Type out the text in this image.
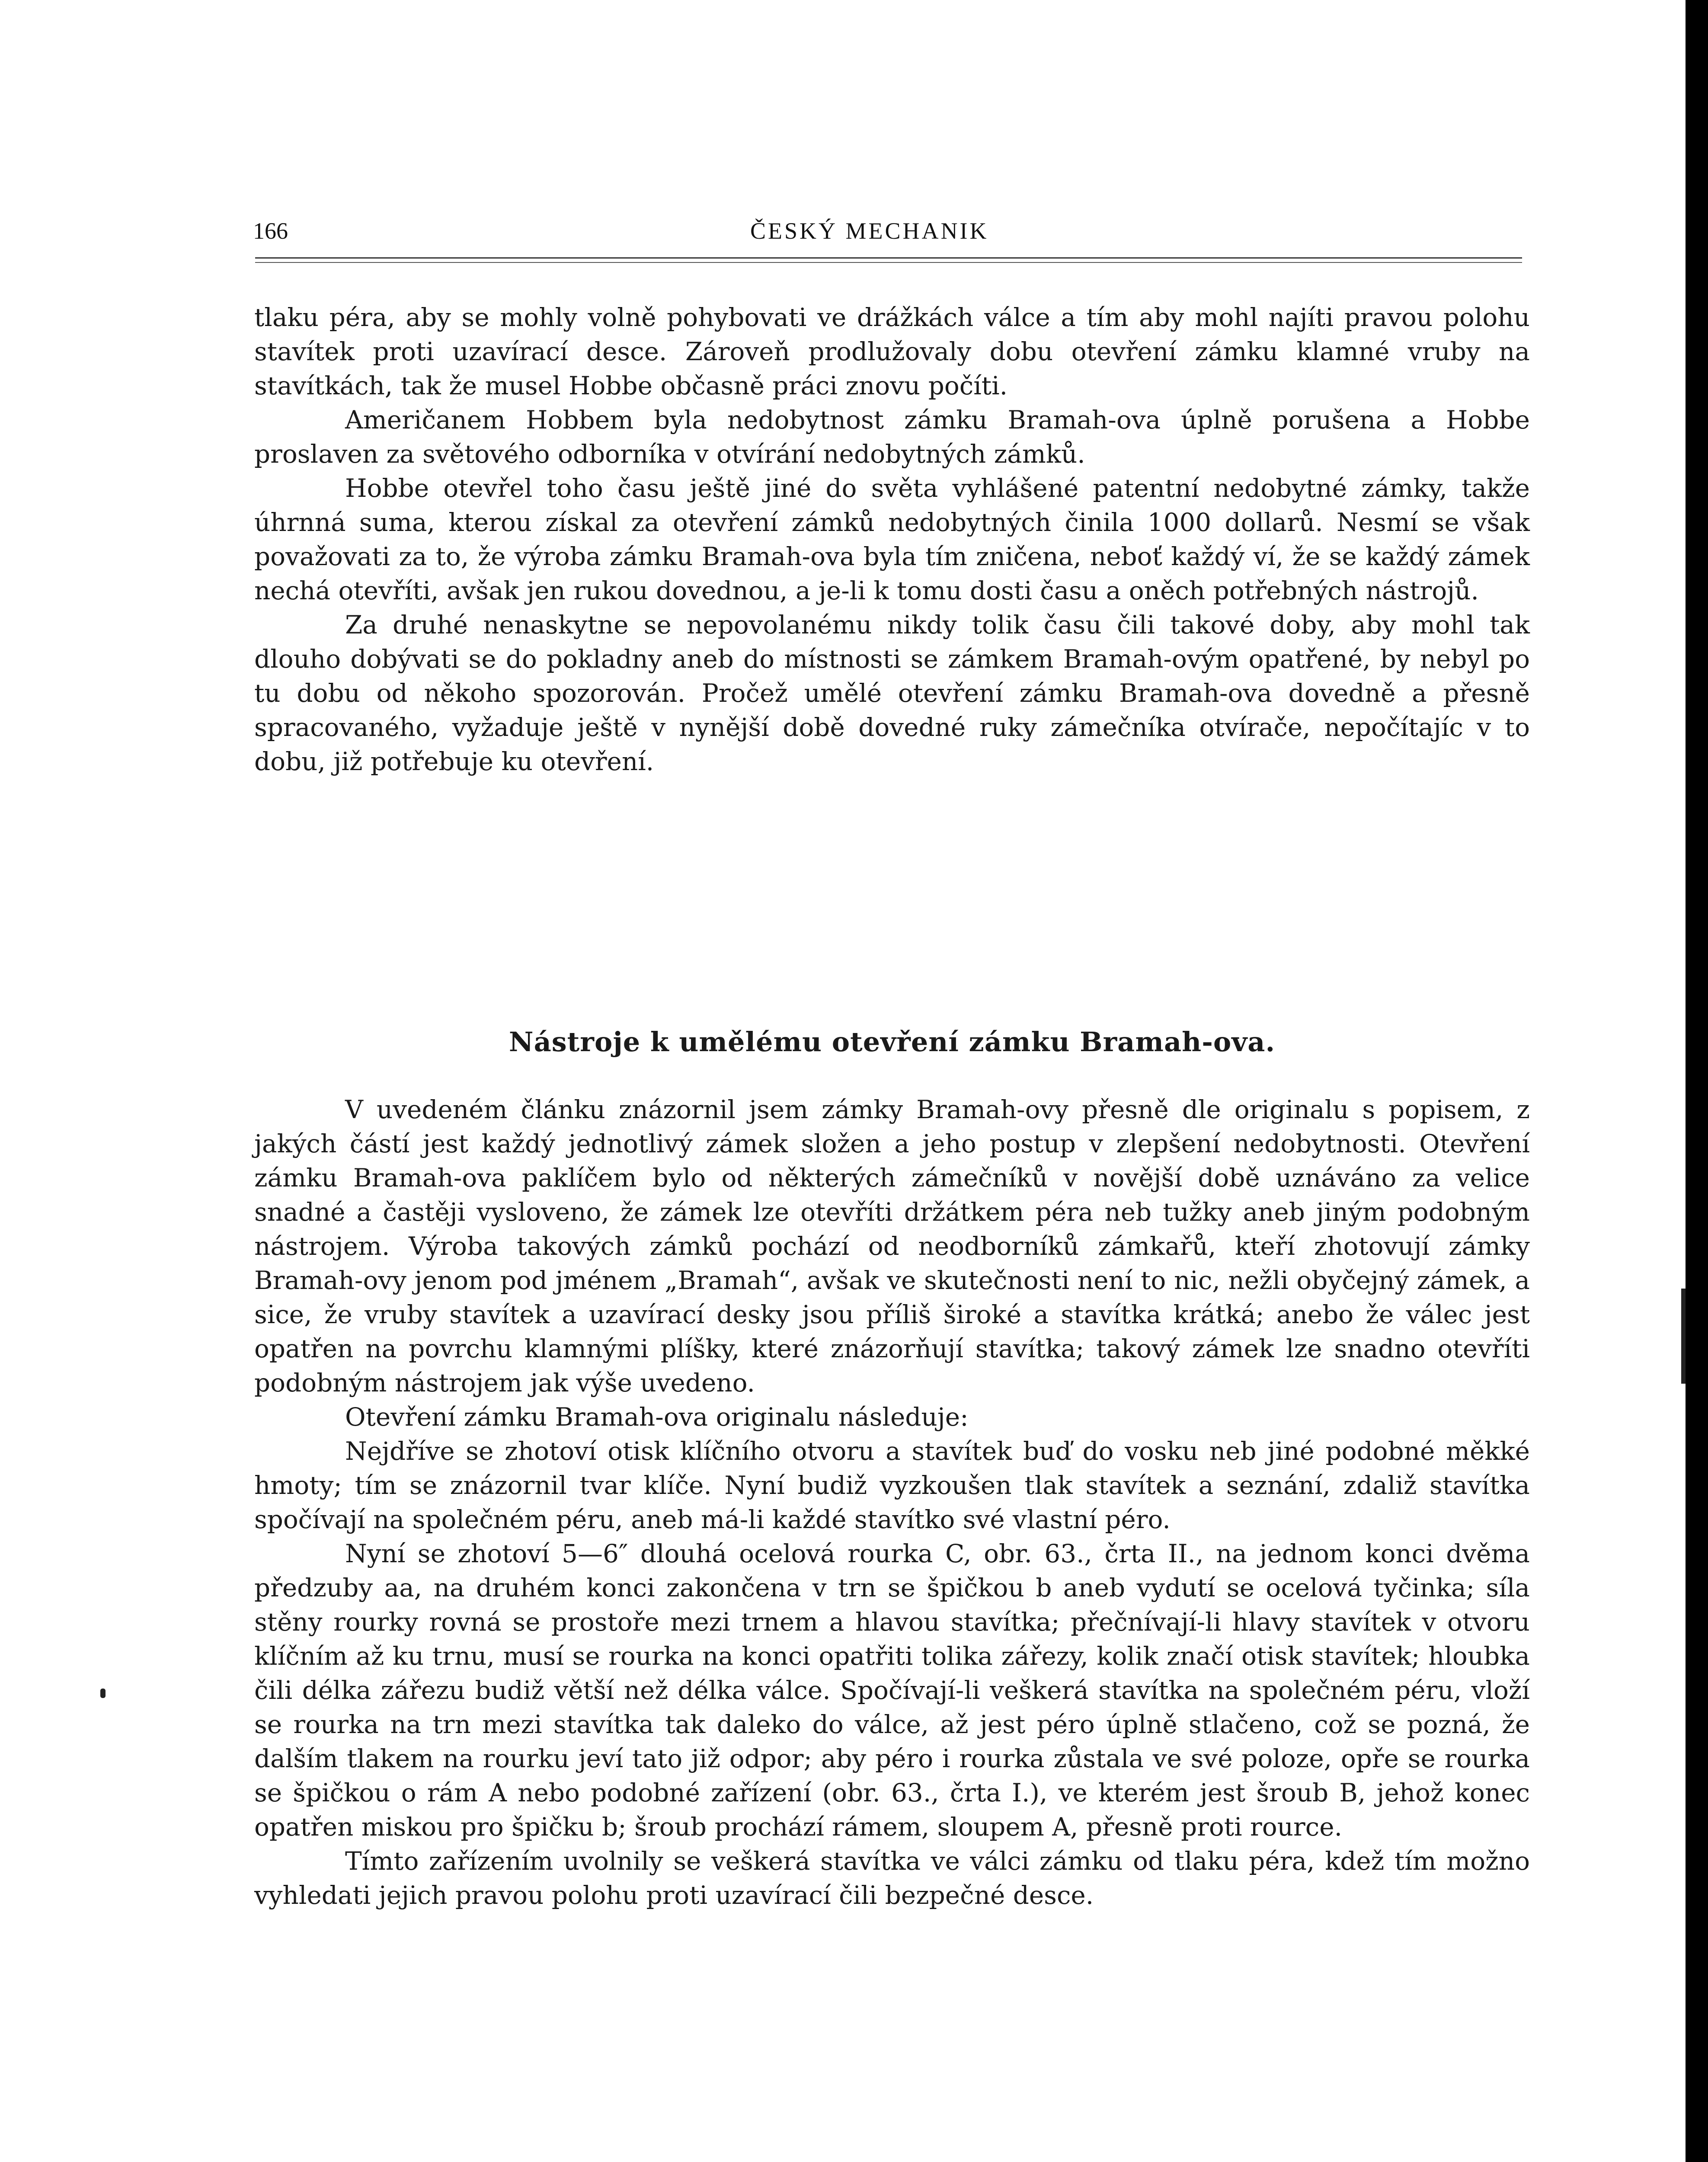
166	ČESKÝ MECHANIK

tlaku péra, aby se mohly volně pohybovati ve drážkách válce a tím aby mohl najíti pravou polohu stavítek proti uzavírací desce. Zároveň prodlužovaly dobu otevření zámku klamné vruby na stavítkách, tak že musel Hobbe občasně práci znovu počíti.

Američanem Hobbem byla nedobytnost zámku Bramah-ova úplně porušena a Hobbe proslaven za světového odborníka v otvírání nedobytných zámků.

Hobbe otevřel toho času ještě jiné do světa vyhlášené patentní nedobytné zámky, takže úhrnná suma, kterou získal za otevření zámků nedobytných činila 1000 dollarů. Nesmí se však považovati za to, že výroba zámku Bramah-ova byla tím zničena, neboť každý ví, že se každý zámek nechá otevříti, avšak jen rukou dovednou, a je-li k tomu dosti času a oněch potřebných nástrojů.

Za druhé nenaskytne se nepovolanému nikdy tolik času čili takové doby, aby mohl tak dlouho dobývati se do pokladny aneb do místnosti se zámkem Bramah-ovým opatřené, by nebyl po tu dobu od někoho spozorován. Pročež umělé otevření zámku Bramah-ova dovedně a přesně spracovaného, vyžaduje ještě v nynější době dovedné ruky zámečníka otvírače, nepočítajíc v to dobu, již potřebuje ku otevření.

Nástroje k umělému otevření zámku Bramah-ova.

V uvedeném článku znázornil jsem zámky Bramah-ovy přesně dle originalu s popisem, z jakých částí jest každý jednotlivý zámek složen a jeho postup v zlepšení nedobytnosti. Otevření zámku Bramah-ova paklíčem bylo od některých zámečníků v novější době uznáváno za velice snadné a častěji vysloveno, že zámek lze otevříti držátkem péra neb tužky aneb jiným podobným nástrojem. Výroba takových zámků pochází od neodborníků zámkařů, kteří zhotovují zámky Bramah-ovy jenom pod jménem „Bramah“, avšak ve skutečnosti není to nic, nežli obyčejný zámek, a sice, že vruby stavítek a uzavírací desky jsou příliš široké a stavítka krátká; anebo že válec jest opatřen na povrchu klamnými plíšky, které znázorňují stavítka; takový zámek lze snadno otevříti podobným nástrojem jak výše uvedeno.

Otevření zámku Bramah-ova originalu následuje:

Nejdříve se zhotoví otisk klíčního otvoru a stavítek buď do vosku neb jiné podobné měkké hmoty; tím se znázornil tvar klíče. Nyní budiž vyzkoušen tlak stavítek a seznání, zdaliž stavítka spočívají na společném péru, aneb má-li každé stavítko své vlastní péro.

Nyní se zhotoví 5—6″ dlouhá ocelová rourka C, obr. 63., črta II., na jednom konci dvěma předzuby aa, na druhém konci zakončena v trn se špičkou b aneb vydutí se ocelová tyčinka; síla stěny rourky rovná se prostoře mezi trnem a hlavou stavítka; přečnívají-li hlavy stavítek v otvoru klíčním až ku trnu, musí se rourka na konci opatřiti tolika zářezy, kolik značí otisk stavítek; hloubka čili délka zářezu budiž větší než délka válce. Spočívají-li veškerá stavítka na společném péru, vloží se rourka na trn mezi stavítka tak daleko do válce, až jest péro úplně stlačeno, což se pozná, že dalším tlakem na rourku jeví tato již odpor; aby péro i rourka zůstala ve své poloze, opře se rourka se špičkou o rám A nebo podobné zařízení (obr. 63., črta I.), ve kterém jest šroub B, jehož konec opatřen miskou pro špičku b; šroub prochází rámem, sloupem A, přesně proti rource.

Tímto zařízením uvolnily se veškerá stavítka ve válci zámku od tlaku péra, kdež tím možno vyhledati jejich pravou polohu proti uzavírací čili bezpečné desce.
